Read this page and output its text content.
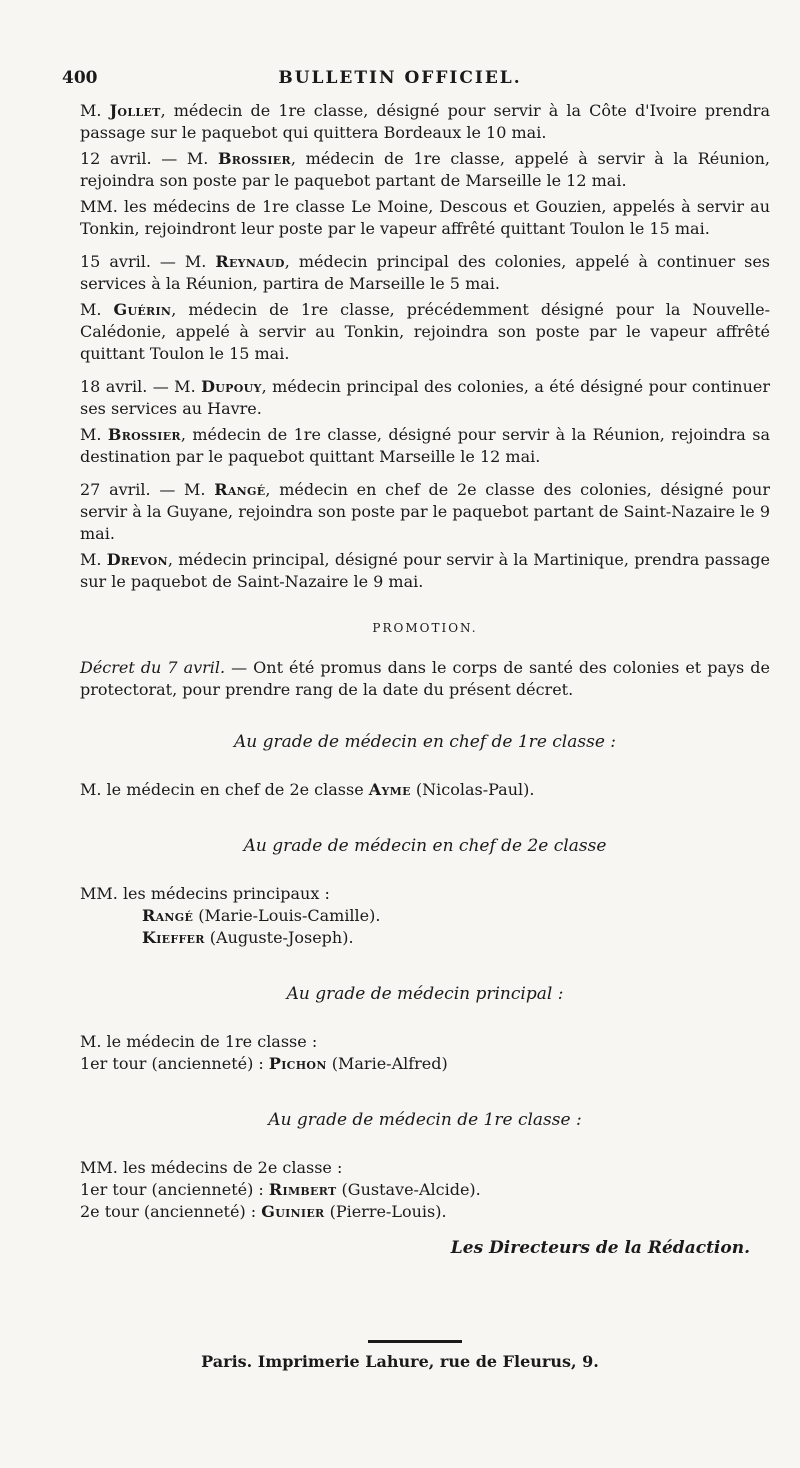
400	BULLETIN OFFICIEL.

M. Jollet, médecin de 1re classe, désigné pour servir à la Côte d'Ivoire prendra passage sur le paquebot qui quittera Bordeaux le 10 mai.

12 avril. — M. Brossier, médecin de 1re classe, appelé à servir à la Réunion, rejoindra son poste par le paquebot partant de Marseille le 12 mai.

MM. les médecins de 1re classe Le Moine, Descous et Gouzien, appelés à servir au Tonkin, rejoindront leur poste par le vapeur affrêté quittant Toulon le 15 mai.

15 avril. — M. Reynaud, médecin principal des colonies, appelé à continuer ses services à la Réunion, partira de Marseille le 5 mai.

M. Guérin, médecin de 1re classe, précédemment désigné pour la Nouvelle-Calédonie, appelé à servir au Tonkin, rejoindra son poste par le vapeur affrêté quittant Toulon le 15 mai.

18 avril. — M. Dupouy, médecin principal des colonies, a été désigné pour continuer ses services au Havre.

M. Brossier, médecin de 1re classe, désigné pour servir à la Réunion, rejoindra sa destination par le paquebot quittant Marseille le 12 mai.

27 avril. — M. Rangé, médecin en chef de 2e classe des colonies, désigné pour servir à la Guyane, rejoindra son poste par le paquebot partant de Saint-Nazaire le 9 mai.

M. Drevon, médecin principal, désigné pour servir à la Martinique, prendra passage sur le paquebot de Saint-Nazaire le 9 mai.

PROMOTION.

Décret du 7 avril. — Ont été promus dans le corps de santé des colonies et pays de protectorat, pour prendre rang de la date du présent décret.

Au grade de médecin en chef de 1re classe :

M. le médecin en chef de 2e classe Ayme (Nicolas-Paul).

Au grade de médecin en chef de 2e classe

MM. les médecins principaux :

Rangé (Marie-Louis-Camille).

Kieffer (Auguste-Joseph).

Au grade de médecin principal :

M. le médecin de 1re classe :

1er tour (ancienneté) : Pichon (Marie-Alfred)

Au grade de médecin de 1re classe :

MM. les médecins de 2e classe :

1er tour (ancienneté) : Rimbert (Gustave-Alcide).

2e tour (ancienneté) : Guinier (Pierre-Louis).

Les Directeurs de la Rédaction.
Paris. Imprimerie Lahure, rue de Fleurus, 9.
